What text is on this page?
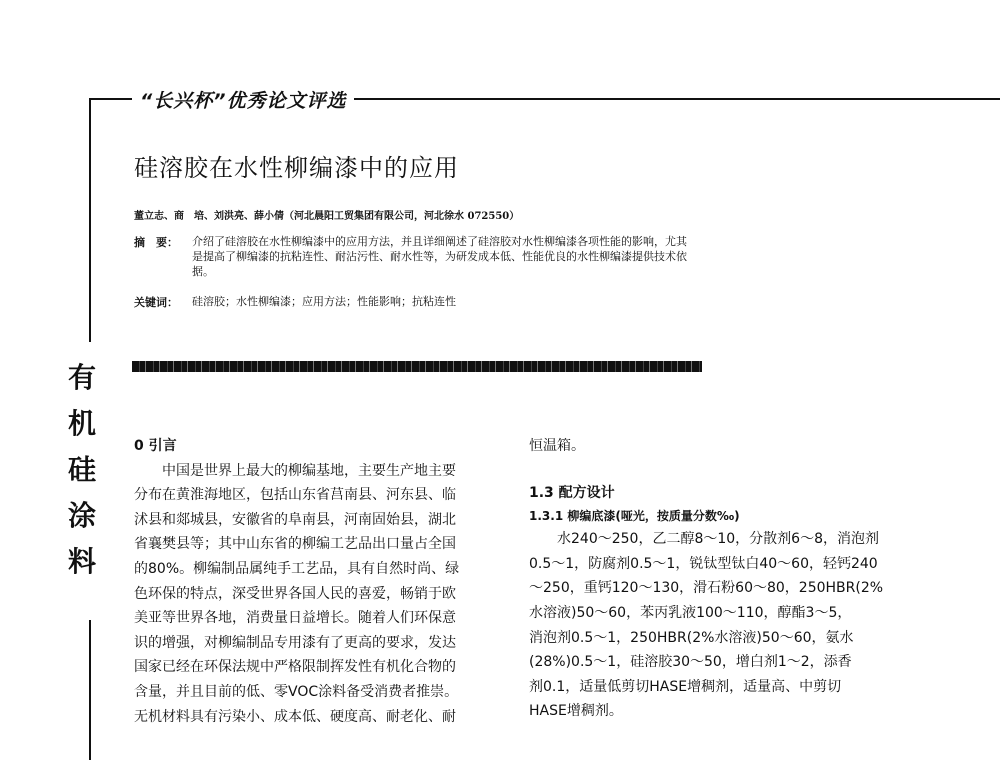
“长兴杯”优秀论文评选
有
机
硅
涂
料
硅溶胶在水性柳编漆中的应用
董立志、商　培、刘洪亮、薛小倩（河北晨阳工贸集团有限公司，河北徐水 072550）
摘　要： 介绍了硅溶胶在水性柳编漆中的应用方法，并且详细阐述了硅溶胶对水性柳编漆各项性能的影响，尤其
是提高了柳编漆的抗粘连性、耐沾污性、耐水性等，为研发成本低、性能优良的水性柳编漆提供技术依
据。
关键词： 硅溶胶；水性柳编漆；应用方法；性能影响；抗粘连性

0 引言

　　中国是世界上最大的柳编基地，主要生产地主要

分布在黄淮海地区，包括山东省莒南县、河东县、临

沭县和郯城县，安徽省的阜南县，河南固始县，湖北

省襄樊县等；其中山东省的柳编工艺品出口量占全国

的80%。柳编制品属纯手工艺品，具有自然时尚、绿

色环保的特点，深受世界各国人民的喜爱，畅销于欧

美亚等世界各地，消费量日益增长。随着人们环保意

识的增强，对柳编制品专用漆有了更高的要求，发达

国家已经在环保法规中严格限制挥发性有机化合物的

含量，并且目前的低、零VOC涂料备受消费者推崇。

无机材料具有污染小、成本低、硬度高、耐老化、耐

恒温箱。

1.3 配方设计

1.3.1 柳编底漆(哑光，按质量分数‰)

　　水240～250，乙二醇8～10，分散剂6～8，消泡剂

0.5～1，防腐剂0.5～1，锐钛型钛白40～60，轻钙240

～250，重钙120～130，滑石粉60～80，250HBR(2%

水溶液)50～60，苯丙乳液100～110，醇酯3～5，

消泡剂0.5～1，250HBR(2%水溶液)50～60，氨水

(28%)0.5～1，硅溶胶30～50，增白剂1～2，添香

剂0.1，适量低剪切HASE增稠剂，适量高、中剪切

HASE增稠剂。
